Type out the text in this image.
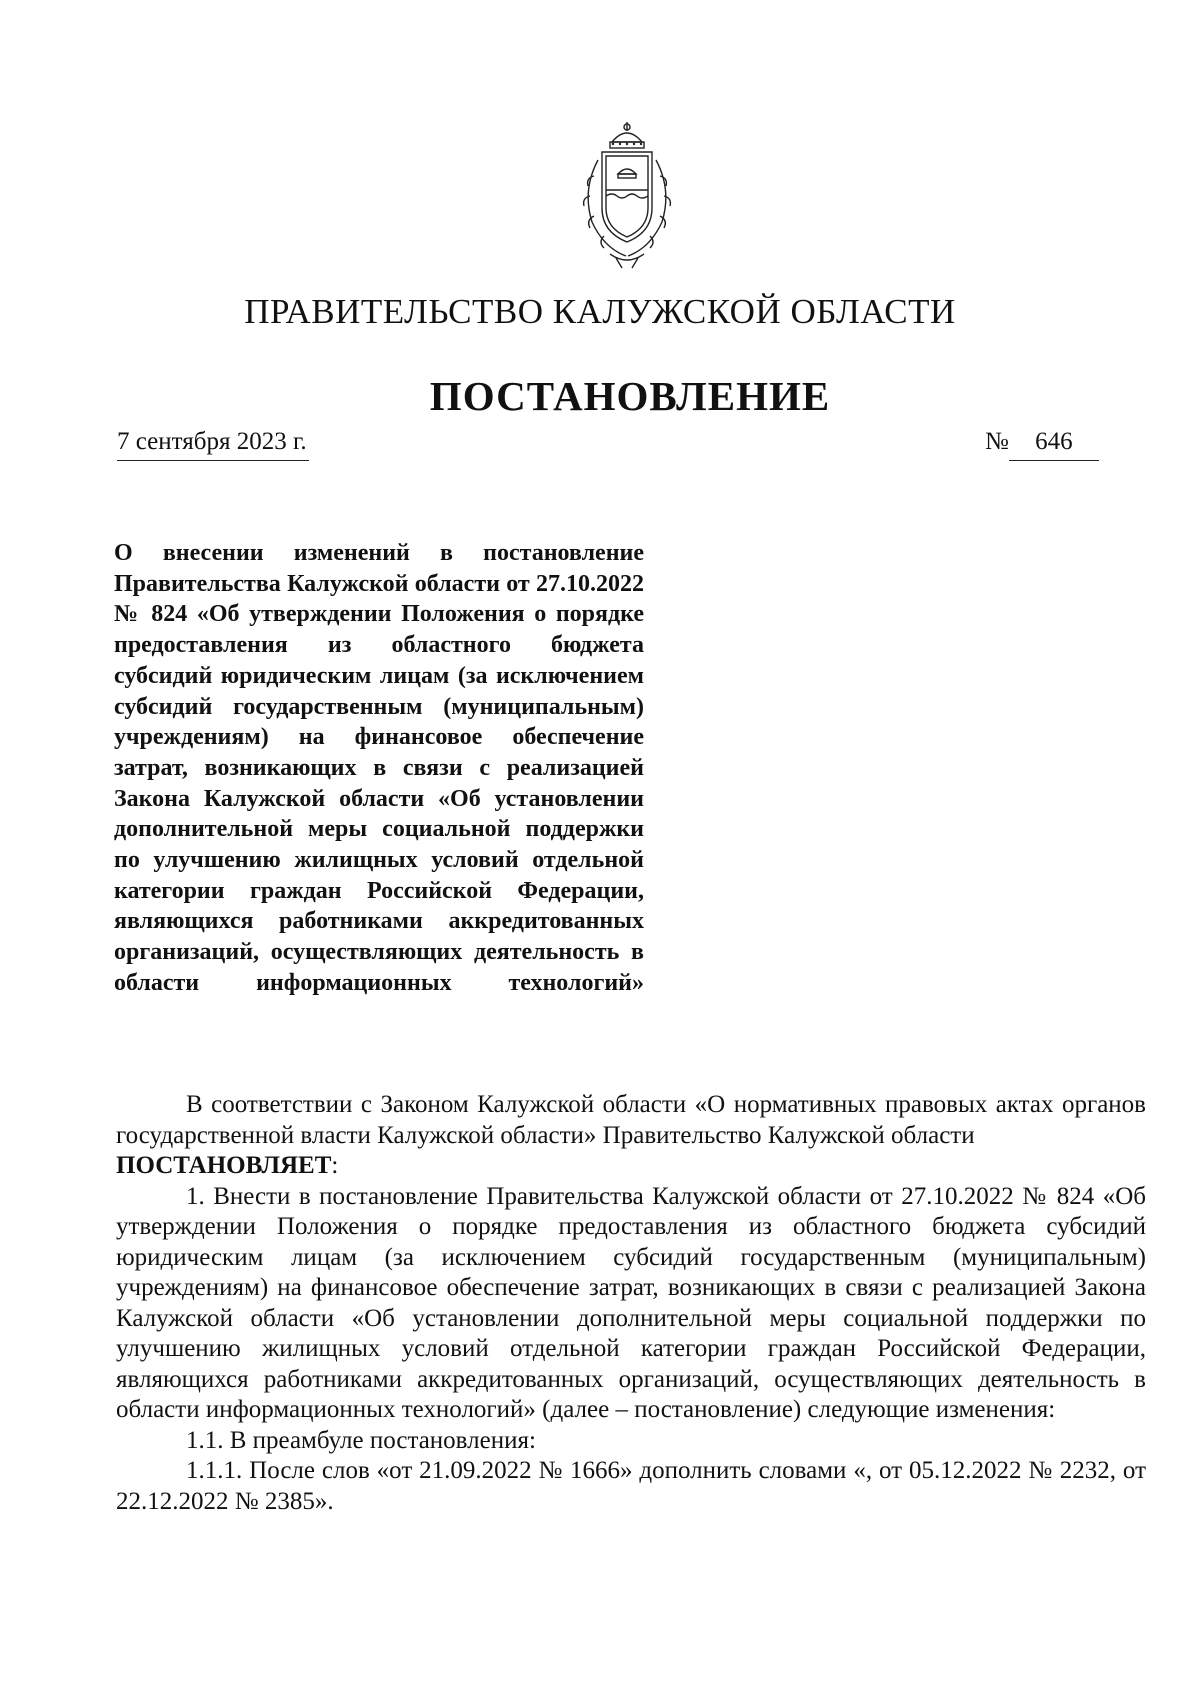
ПРАВИТЕЛЬСТВО КАЛУЖСКОЙ ОБЛАСТИ
ПОСТАНОВЛЕНИЕ
7 сентября 2023 г.	№ 646
О внесении изменений в постановление Правительства Калужской области от 27.10.2022 № 824 «Об утверждении Положения о порядке предоставления из областного бюджета субсидий юридическим лицам (за исключением субсидий государственным (муниципальным) учреждениям) на финансовое обеспечение затрат, возникающих в связи с реализацией Закона Калужской области «Об установлении дополнительной меры социальной поддержки по улучшению жилищных условий отдельной категории граждан Российской Федерации, являющихся работниками аккредитованных организаций, осуществляющих деятельность в области информационных технологий»

В соответствии с Законом Калужской области «О нормативных правовых актах органов государственной власти Калужской области» Правительство Калужской области

ПОСТАНОВЛЯЕТ:

1. Внести в постановление Правительства Калужской области от 27.10.2022 № 824 «Об утверждении Положения о порядке предоставления из областного бюджета субсидий юридическим лицам (за исключением субсидий государственным (муниципальным) учреждениям) на финансовое обеспечение затрат, возникающих в связи с реализацией Закона Калужской области «Об установлении дополнительной меры социальной поддержки по улучшению жилищных условий отдельной категории граждан Российской Федерации, являющихся работниками аккредитованных организаций, осуществляющих деятельность в области информационных технологий» (далее – постановление) следующие изменения:

1.1. В преамбуле постановления:

1.1.1. После слов «от 21.09.2022 № 1666» дополнить словами «, от 05.12.2022 № 2232, от 22.12.2022 № 2385».
